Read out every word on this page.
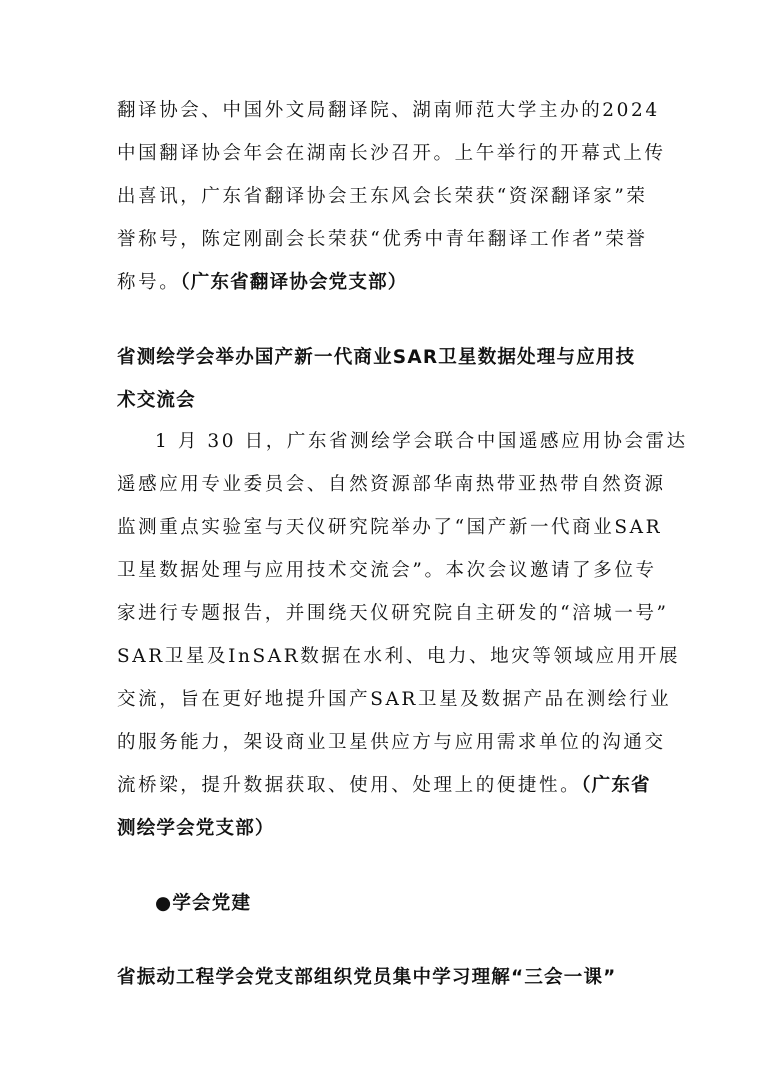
翻译协会、中国外文局翻译院、湖南师范大学主办的2024
中国翻译协会年会在湖南长沙召开。上午举行的开幕式上传
出喜讯，广东省翻译协会王东风会长荣获“资深翻译家”荣
誉称号，陈定刚副会长荣获“优秀中青年翻译工作者”荣誉
称号。（广东省翻译协会党支部）
省测绘学会举办国产新一代商业SAR卫星数据处理与应用技
术交流会
1 月 30 日，广东省测绘学会联合中国遥感应用协会雷达
遥感应用专业委员会、自然资源部华南热带亚热带自然资源
监测重点实验室与天仪研究院举办了“国产新一代商业SAR
卫星数据处理与应用技术交流会”。本次会议邀请了多位专
家进行专题报告，并围绕天仪研究院自主研发的“涪城一号”
SAR卫星及InSAR数据在水利、电力、地灾等领域应用开展
交流，旨在更好地提升国产SAR卫星及数据产品在测绘行业
的服务能力，架设商业卫星供应方与应用需求单位的沟通交
流桥梁，提升数据获取、使用、处理上的便捷性。（广东省
测绘学会党支部）
●学会党建
省振动工程学会党支部组织党员集中学习理解“三会一课”
